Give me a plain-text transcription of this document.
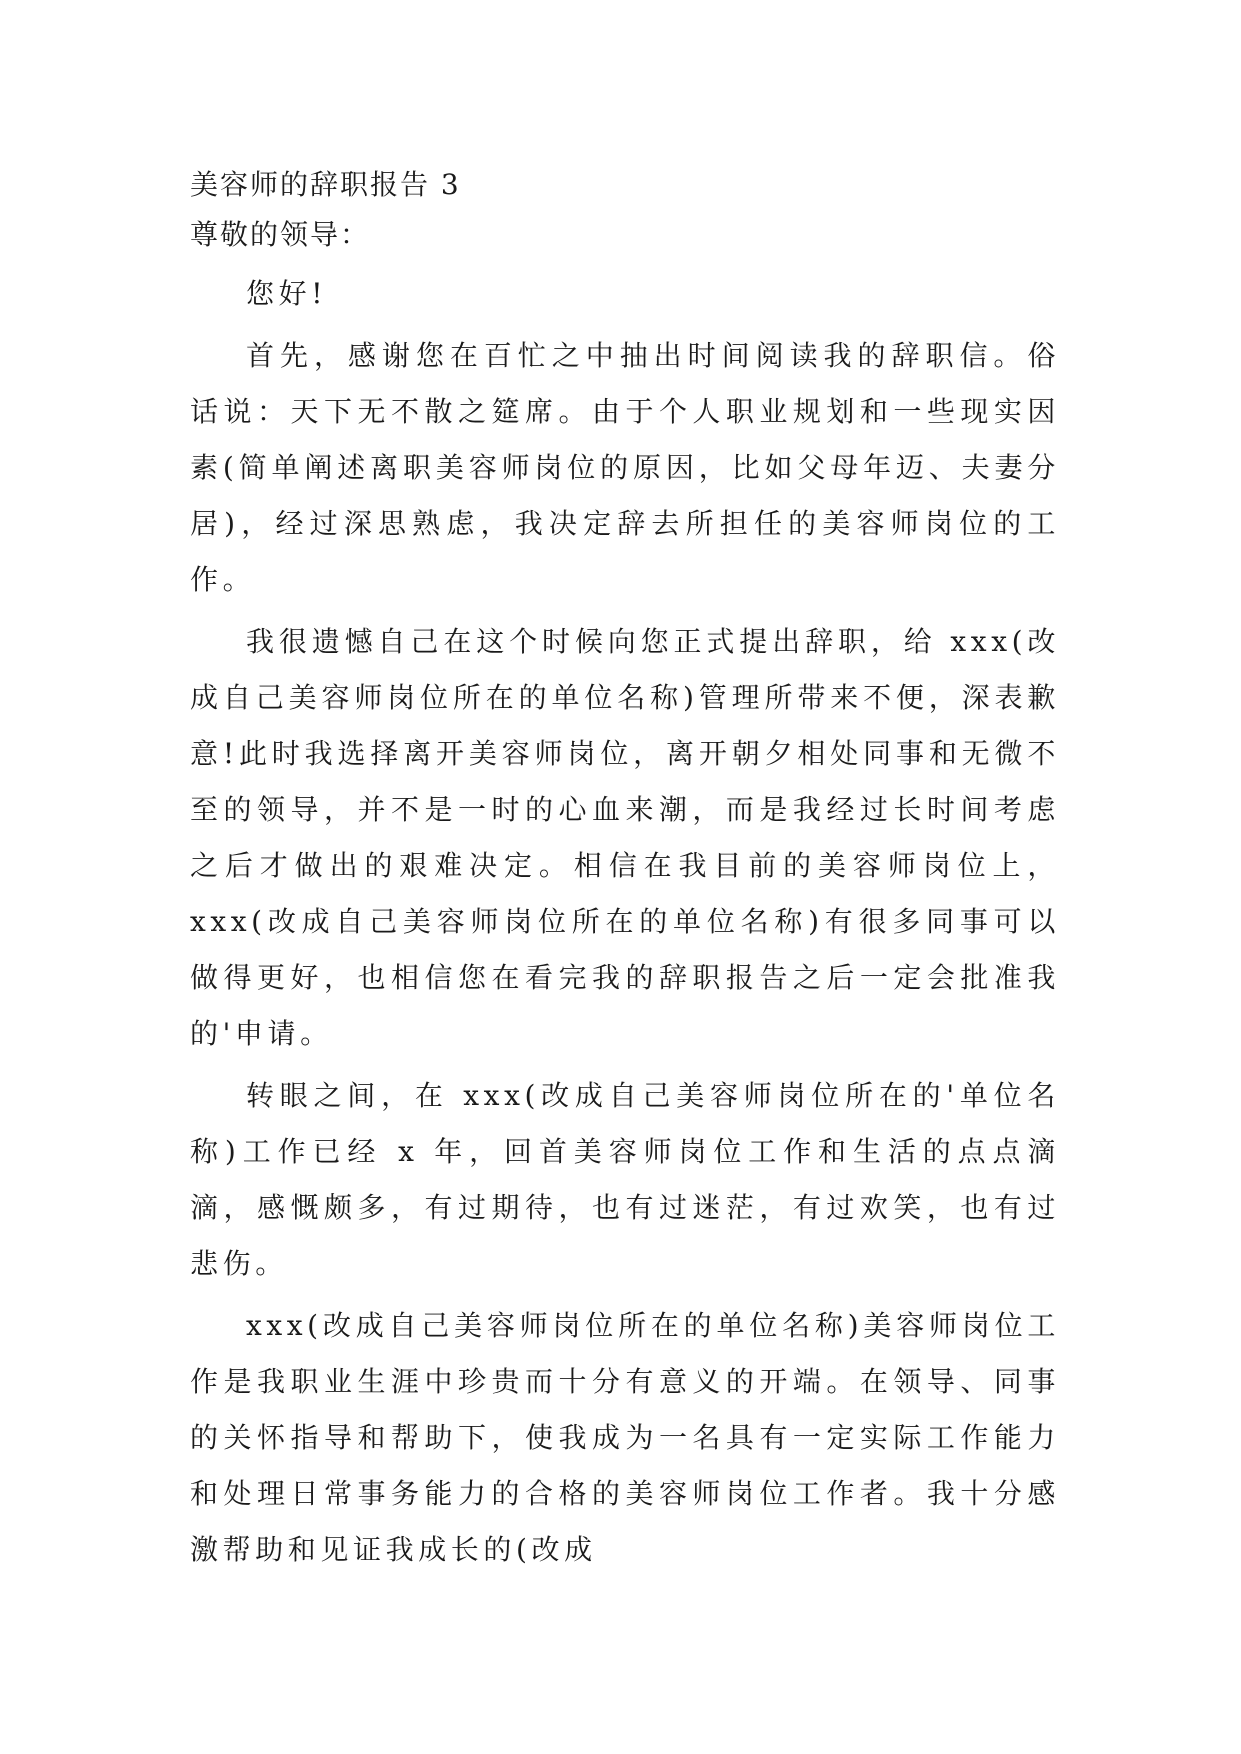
美容师的辞职报告 3

尊敬的领导：

您好!

首先，感谢您在百忙之中抽出时间阅读我的辞职信。俗话说：天下无不散之筵席。由于个人职业规划和一些现实因素(简单阐述离职美容师岗位的原因，比如父母年迈、夫妻分居)，经过深思熟虑，我决定辞去所担任的美容师岗位的工作。

我很遗憾自己在这个时候向您正式提出辞职，给 xxx(改成自己美容师岗位所在的单位名称)管理所带来不便，深表歉意!此时我选择离开美容师岗位，离开朝夕相处同事和无微不至的领导，并不是一时的心血来潮，而是我经过长时间考虑之后才做出的艰难决定。相信在我目前的美容师岗位上，xxx(改成自己美容师岗位所在的单位名称)有很多同事可以做得更好，也相信您在看完我的辞职报告之后一定会批准我的'申请。

转眼之间，在 xxx(改成自己美容师岗位所在的'单位名称)工作已经 x 年，回首美容师岗位工作和生活的点点滴滴，感慨颇多，有过期待，也有过迷茫，有过欢笑，也有过悲伤。

xxx(改成自己美容师岗位所在的单位名称)美容师岗位工作是我职业生涯中珍贵而十分有意义的开端。在领导、同事的关怀指导和帮助下，使我成为一名具有一定实际工作能力和处理日常事务能力的合格的美容师岗位工作者。我十分感激帮助和见证我成长的(改成
